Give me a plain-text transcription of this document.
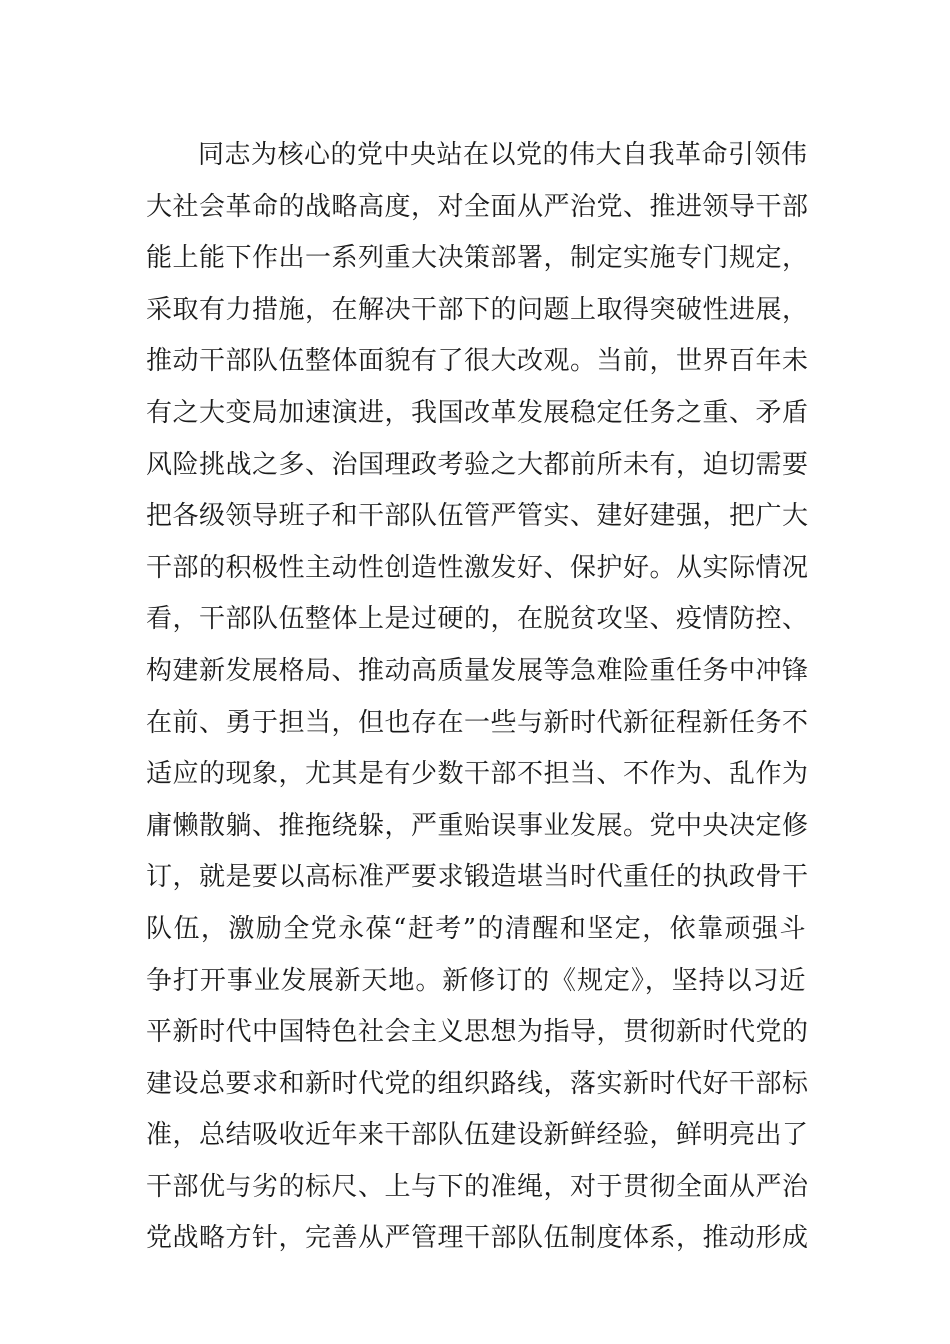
同志为核心的党中央站在以党的伟大自我革命引领伟
大社会革命的战略高度，对全面从严治党、推进领导干部
能上能下作出一系列重大决策部署，制定实施专门规定，
采取有力措施，在解决干部下的问题上取得突破性进展，
推动干部队伍整体面貌有了很大改观。当前，世界百年未
有之大变局加速演进，我国改革发展稳定任务之重、矛盾
风险挑战之多、治国理政考验之大都前所未有，迫切需要
把各级领导班子和干部队伍管严管实、建好建强，把广大
干部的积极性主动性创造性激发好、保护好。从实际情况
看，干部队伍整体上是过硬的，在脱贫攻坚、疫情防控、
构建新发展格局、推动高质量发展等急难险重任务中冲锋
在前、勇于担当，但也存在一些与新时代新征程新任务不
适应的现象，尤其是有少数干部不担当、不作为、乱作为
庸懒散躺、推拖绕躲，严重贻误事业发展。党中央决定修
订，就是要以高标准严要求锻造堪当时代重任的执政骨干
队伍，激励全党永葆“赶考”的清醒和坚定，依靠顽强斗
争打开事业发展新天地。新修订的《规定》，坚持以习近
平新时代中国特色社会主义思想为指导，贯彻新时代党的
建设总要求和新时代党的组织路线，落实新时代好干部标
准，总结吸收近年来干部队伍建设新鲜经验，鲜明亮出了
干部优与劣的标尺、上与下的准绳，对于贯彻全面从严治
党战略方针，完善从严管理干部队伍制度体系，推动形成
